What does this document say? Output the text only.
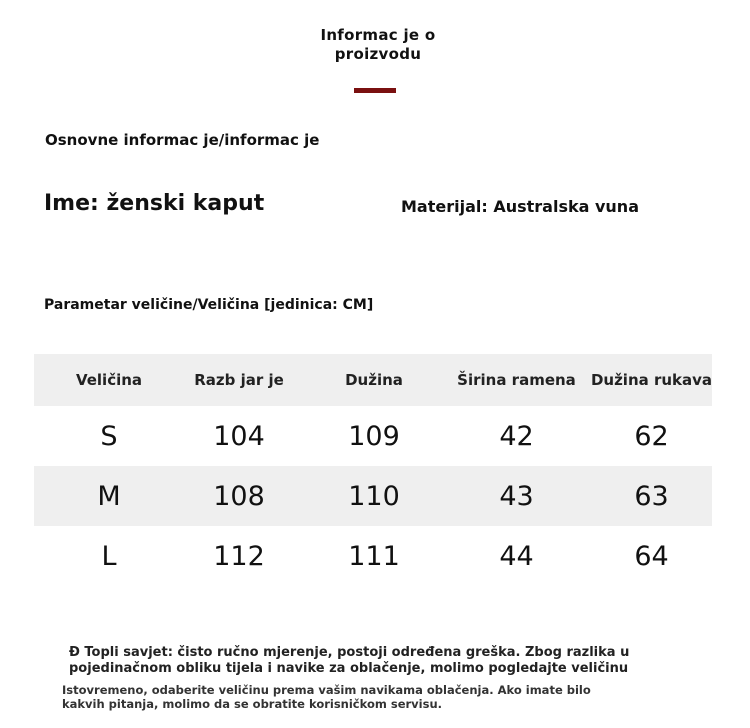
Informac je o proizvodu
Osnovne informac je/informac je
Ime: ženski kaput	Materijal: Australska vuna
Parametar veličine/Veličina [jedinica: CM]
Veličina	Razb jar je	Dužina	Širina ramena	Dužina rukava
S	104	109	42	62
M	108	110	43	63
L	112	111	44	64
Đ Topli savjet: čisto ručno mjerenje, postoji određena greška. Zbog razlika u pojedinačnom obliku tijela i navike za oblačenje, molimo pogledajte veličinu
Istovremeno, odaberite veličinu prema vašim navikama oblačenja. Ako imate bilo kakvih pitanja, molimo da se obratite korisničkom servisu.
